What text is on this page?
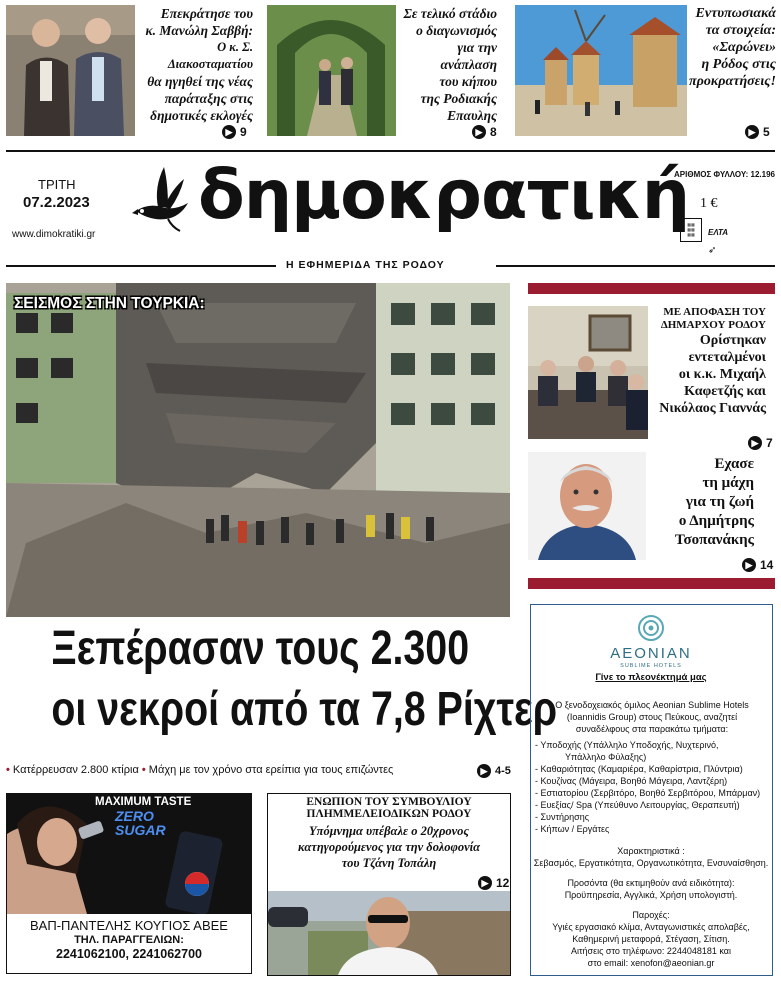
Επεκράτησε του
κ. Μανώλη Σαββή:
Ο κ. Σ. Διακοσταματίου
θα ηγηθεί της νέας
παράταξης στις
δημοτικές εκλογές
▶ 9
Σε τελικό στάδιο
ο διαγωνισμός
για την ανάπλαση
του κήπου
της Ροδιακής
Επαυλης
▶ 8
Εντυπωσιακά
τα στοιχεία:
«Σαρώνει»
η Ρόδος στις
προκρατήσεις!
▶ 5
ΤΡΙΤΗ
07.2.2023
www.dimokratiki.gr δημοκρατική
ΑΡΙΘΜΟΣ ΦΥΛΛΟΥ: 12.196
1 €
▦▦
▦▦
▦▦	ΕΛΤΑ ➶
Η ΕΦΗΜΕΡΙΔΑ ΤΗΣ ΡΟΔΟΥ
ΣΕΙΣΜΟΣ ΣΤΗΝ ΤΟΥΡΚΙΑ:
Ξεπέρασαν τους 2.300
οι νεκροί από τα 7,8 Ρίχτερ
• Κατέρρευσαν 2.800 κτίρια • Μάχη με τον χρόνο στα ερείπια για τους επιζώντες	▶ 4-5
ΜΕ ΑΠΟΦΑΣΗ ΤΟΥ
ΔΗΜΑΡΧΟΥ ΡΟΔΟΥ
Ορίστηκαν
εντεταλμένοι
οι κ.κ. Μιχαήλ
Καφετζής και
Νικόλαος Γιαννάς
▶ 7
Εχασε
τη μάχη
για τη ζωή
ο Δημήτρης
Τσοπανάκης
▶ 14
AEONIAN
SUBLIME HOTELS
Γίνε το πλεονέκτημά μας
Ο ξενοδοχειακός όμιλος Aeonian Sublime Hotels (Ioannidis Group) στους Πεύκους, αναζητεί συναδέλφους στα παρακάτω τμήματα:
- Υποδοχής (Υπάλληλο Υποδοχής, Νυχτερινό,
Υπάλληλο Φύλαξης)
- Καθαριότητας (Καμαριέρα, Καθαρίστρια, Πλύντρια)
- Κουζίνας (Μάγειρα, Βοηθό Μάγειρα, Λαντζέρη)
- Εστιατορίου (Σερβιτόρο, Βοηθό Σερβιτόρου, Μπάρμαν)
- Ευεξίας/ Spa (Υπεύθυνο Λειτουργίας, Θεραπευτή)
- Συντήρησης
- Κήπων / Εργάτες
Χαρακτηριστικά :
Σεβασμός, Εργατικότητα, Οργανωτικότητα, Ενσυναίσθηση.
Προσόντα (θα εκτιμηθούν ανά ειδικότητα):
Προϋπηρεσία, Αγγλικά, Χρήση υπολογιστή.
Παροχές:
Υγιές εργασιακό κλίμα, Ανταγωνιστικές απολαβές,
Καθημερινή μεταφορά, Στέγαση, Σίτιση.
Αιτήσεις στο τηλέφωνο: 2244048181 και
στο email: xenofon@aeonian.gr
MAXIMUM TASTE
ZERO
SUGAR
ΒΑΠ-ΠΑΝΤΕΛΗΣ ΚΟΥΓΙΟΣ ΑΒΕΕ
ΤΗΛ. ΠΑΡΑΓΓΕΛΙΩΝ:
2241062100, 2241062700
ΕΝΩΠΙΟΝ ΤΟΥ ΣΥΜΒΟΥΛΙΟΥ
ΠΛΗΜΜΕΛΕΙΟΔΙΚΩΝ ΡΟΔΟΥ
Υπόμνημα υπέβαλε ο 20χρονος
κατηγορούμενος για την δολοφονία
του Τζάνη Τοπάλη
▶ 12
